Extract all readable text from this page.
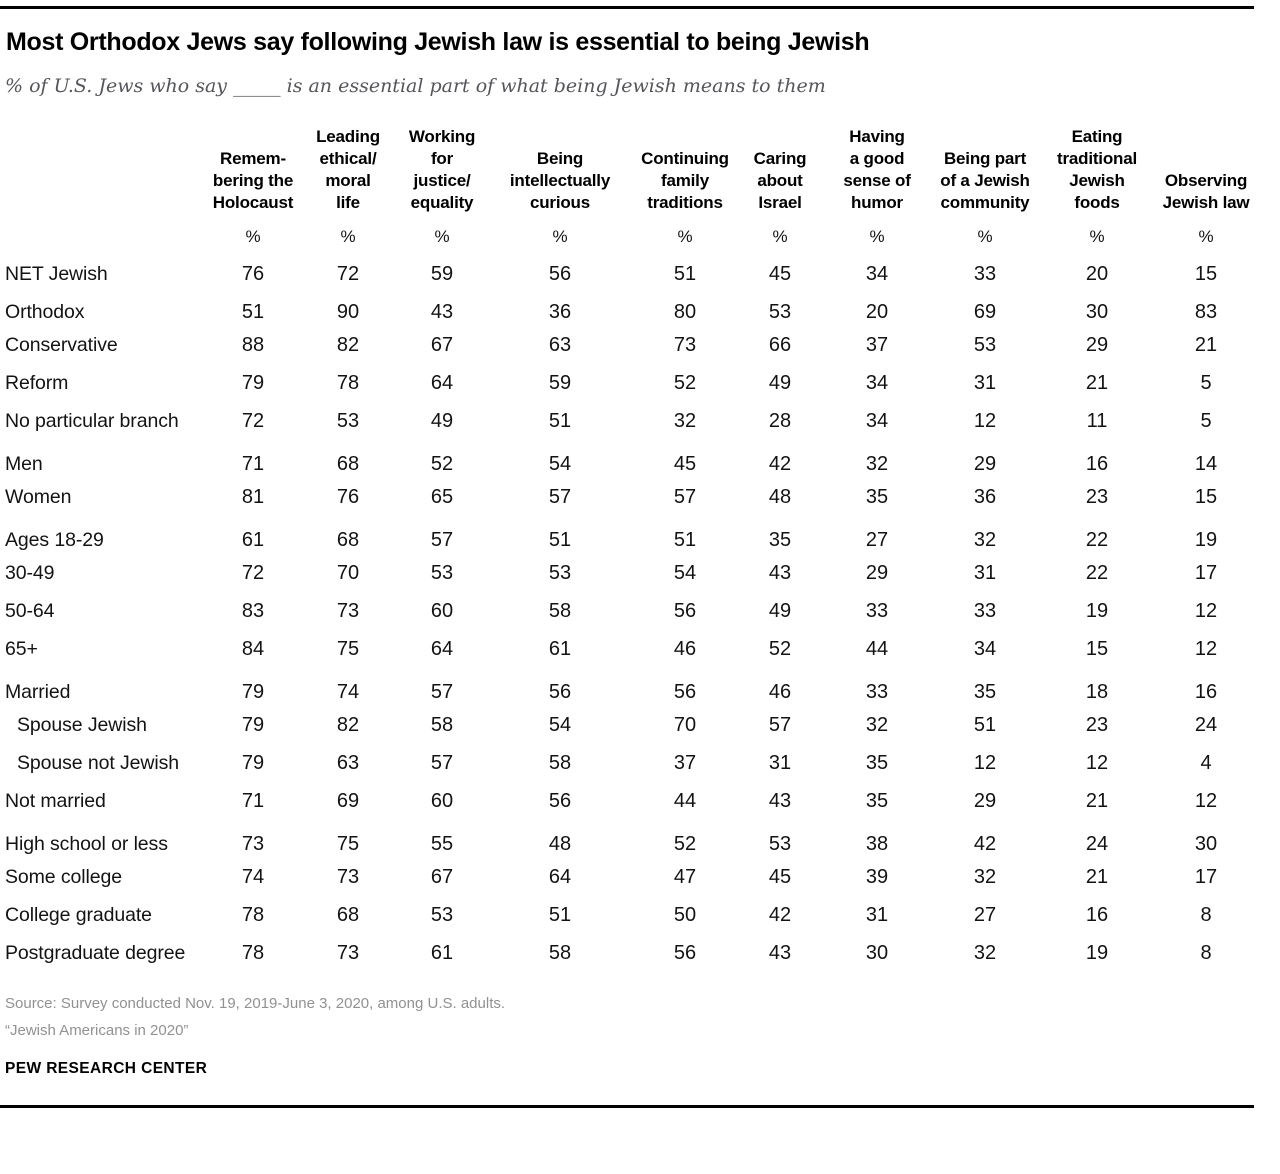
Most Orthodox Jews say following Jewish law is essential to being Jewish

% of U.S. Jews who say _____ is an essential part of what being Jewish means to them

Remem-
bering the
Holocaust

Leading
ethical/
moral
life

Working
for
justice/
equality

Being
intellectually
curious

Continuing
family
traditions

Caring
about
Israel

Having
a good
sense of
humor

Being part
of a Jewish
community

Eating
traditional
Jewish
foods

Observing
Jewish law

	%	%	%	%	%	%	%	%	%	%
NET Jewish	76	72	59	56	51	45	34	33	20	15
Orthodox	51	90	43	36	80	53	20	69	30	83
Conservative	88	82	67	63	73	66	37	53	29	21
Reform	79	78	64	59	52	49	34	31	21	5
No particular branch	72	53	49	51	32	28	34	12	11	5
Men	71	68	52	54	45	42	32	29	16	14
Women	81	76	65	57	57	48	35	36	23	15
Ages 18-29	61	68	57	51	51	35	27	32	22	19
30-49	72	70	53	53	54	43	29	31	22	17
50-64	83	73	60	58	56	49	33	33	19	12
65+	84	75	64	61	46	52	44	34	15	12
Married	79	74	57	56	56	46	33	35	18	16
Spouse Jewish	79	82	58	54	70	57	32	51	23	24
Spouse not Jewish	79	63	57	58	37	31	35	12	12	4
Not married	71	69	60	56	44	43	35	29	21	12
High school or less	73	75	55	48	52	53	38	42	24	30
Some college	74	73	67	64	47	45	39	32	21	17
College graduate	78	68	53	51	50	42	31	27	16	8
Postgraduate degree	78	73	61	58	56	43	30	32	19	8
Source: Survey conducted Nov. 19, 2019-June 3, 2020, among U.S. adults.
“Jewish Americans in 2020”
PEW RESEARCH CENTER
